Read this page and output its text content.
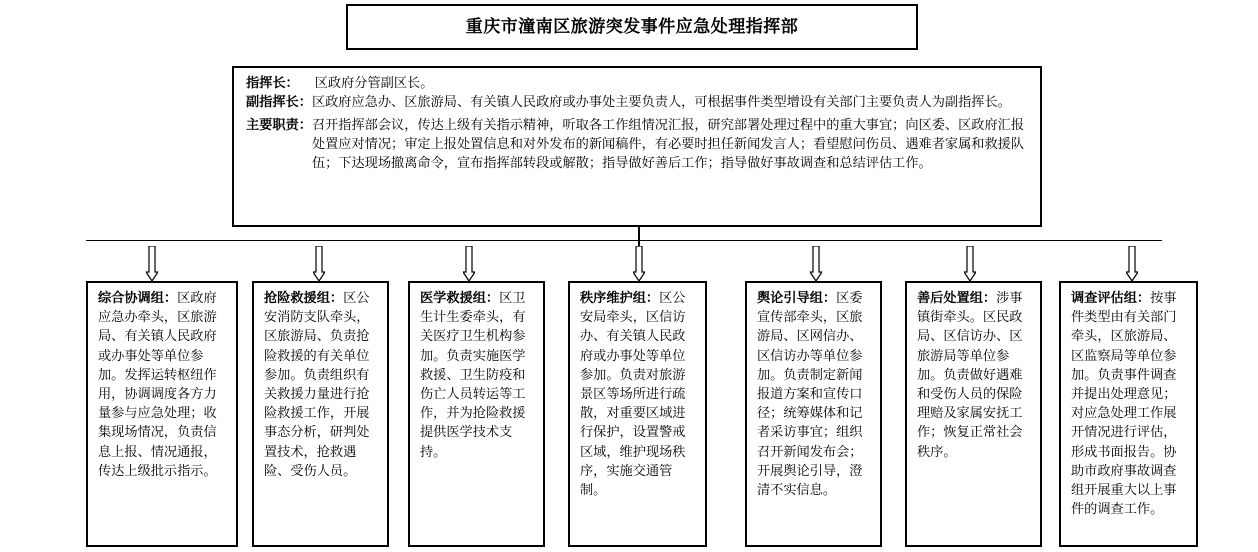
重庆市潼南区旅游突发事件应急处理指挥部
指挥长：	区政府分管副区长。
副指挥长： 区政府应急办、区旅游局、有关镇人民政府或办事处主要负责人，可根据事件类型增设有关部门主要负责人为副指挥长。
主要职责： 召开指挥部会议，传达上级有关指示精神，听取各工作组情况汇报，研究部署处理过程中的重大事宜；向区委、区政府汇报处置应对情况；审定上报处置信息和对外发布的新闻稿件，有必要时担任新闻发言人；看望慰问伤员、遇难者家属和救援队伍；下达现场撤离命令，宣布指挥部转段或解散；指导做好善后工作；指导做好事故调查和总结评估工作。
综合协调组：区政府应急办牵头，区旅游局、有关镇人民政府或办事处等单位参加。发挥运转枢纽作用，协调调度各方力量参与应急处理；收集现场情况，负责信息上报、情况通报，传达上级批示指示。
抢险救援组：区公安消防支队牵头，区旅游局、负责抢险救援的有关单位参加。负责组织有关救援力量进行抢险救援工作，开展事态分析，研判处置技术，抢救遇险、受伤人员。
医学救援组：区卫生计生委牵头，有关医疗卫生机构参加。负责实施医学救援、卫生防疫和伤亡人员转运等工作，并为抢险救援提供医学技术支持。
秩序维护组：区公安局牵头，区信访办、有关镇人民政府或办事处等单位参加。负责对旅游景区等场所进行疏散，对重要区域进行保护，设置警戒区域，维护现场秩序，实施交通管制。
舆论引导组：区委宣传部牵头，区旅游局、区网信办、区信访办等单位参加。负责制定新闻报道方案和宣传口径；统筹媒体和记者采访事宜；组织召开新闻发布会；开展舆论引导，澄清不实信息。
善后处置组：涉事镇街牵头。区民政局、区信访办、区旅游局等单位参加。负责做好遇难和受伤人员的保险理赔及家属安抚工作；恢复正常社会秩序。
调查评估组：按事件类型由有关部门牵头，区旅游局、区监察局等单位参加。负责事件调查并提出处理意见；对应急处理工作展开情况进行评估，形成书面报告。协助市政府事故调查组开展重大以上事件的调查工作。
